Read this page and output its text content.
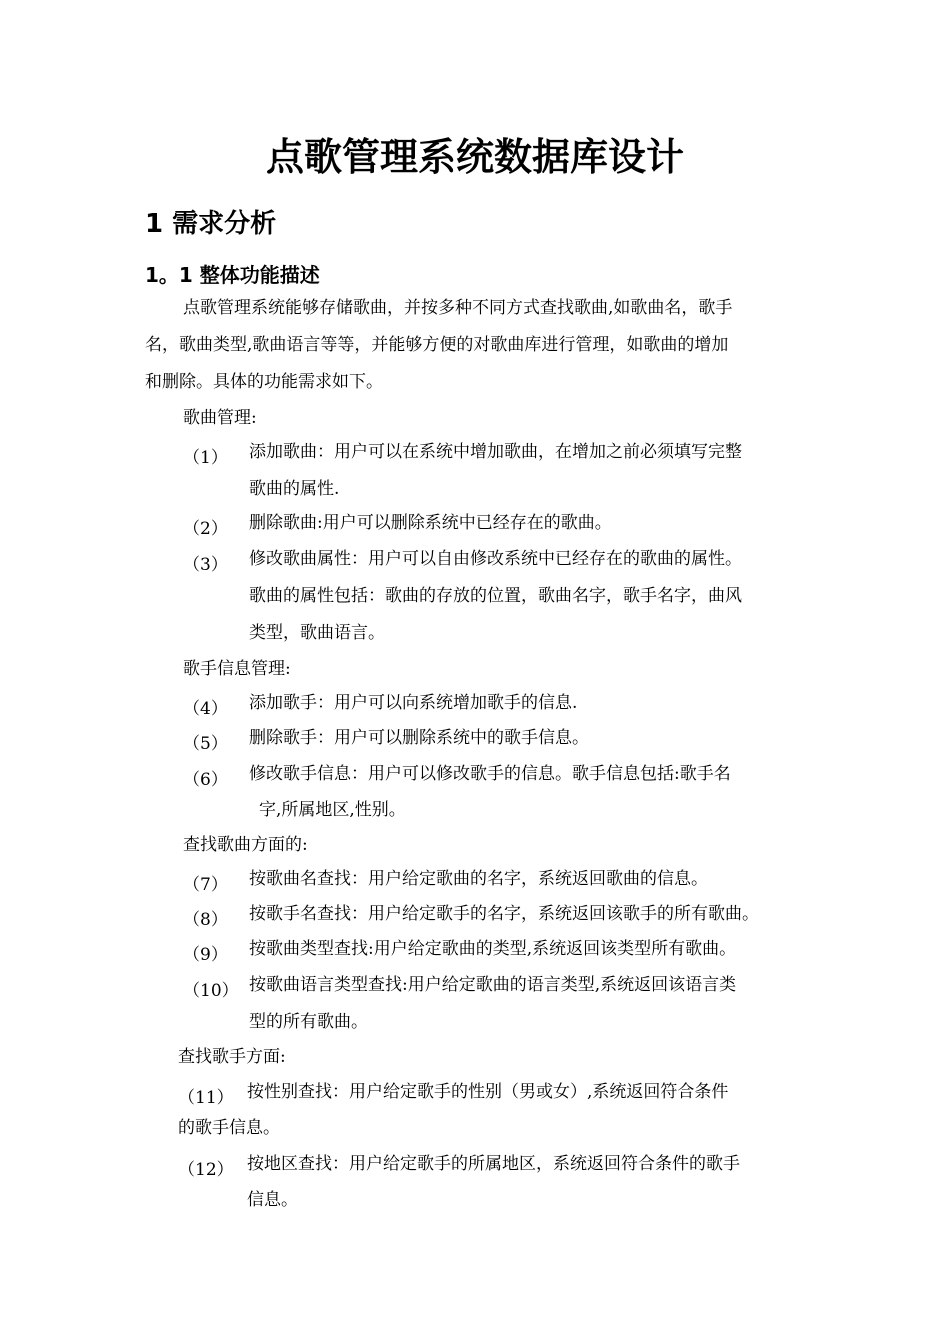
点歌管理系统数据库设计
1 需求分析
1。1 整体功能描述
点歌管理系统能够存储歌曲，并按多种不同方式查找歌曲,如歌曲名，歌手
名，歌曲类型,歌曲语言等等，并能够方便的对歌曲库进行管理，如歌曲的增加
和删除。具体的功能需求如下。
歌曲管理:
（1） 添加歌曲：用户可以在系统中增加歌曲，在增加之前必须填写完整
歌曲的属性.
（2） 删除歌曲:用户可以删除系统中已经存在的歌曲。
（3） 修改歌曲属性：用户可以自由修改系统中已经存在的歌曲的属性。
歌曲的属性包括：歌曲的存放的位置，歌曲名字，歌手名字，曲风
类型，歌曲语言。
歌手信息管理:
（4） 添加歌手：用户可以向系统增加歌手的信息.
（5） 删除歌手：用户可以删除系统中的歌手信息。
（6） 修改歌手信息：用户可以修改歌手的信息。歌手信息包括:歌手名
字,所属地区,性别。
查找歌曲方面的:
（7） 按歌曲名查找：用户给定歌曲的名字，系统返回歌曲的信息。
（8） 按歌手名查找：用户给定歌手的名字，系统返回该歌手的所有歌曲。
（9） 按歌曲类型查找:用户给定歌曲的类型,系统返回该类型所有歌曲。
（10） 按歌曲语言类型查找:用户给定歌曲的语言类型,系统返回该语言类
型的所有歌曲。
查找歌手方面:
（11） 按性别查找：用户给定歌手的性别（男或女）,系统返回符合条件
的歌手信息。
（12） 按地区查找：用户给定歌手的所属地区，系统返回符合条件的歌手
信息。
